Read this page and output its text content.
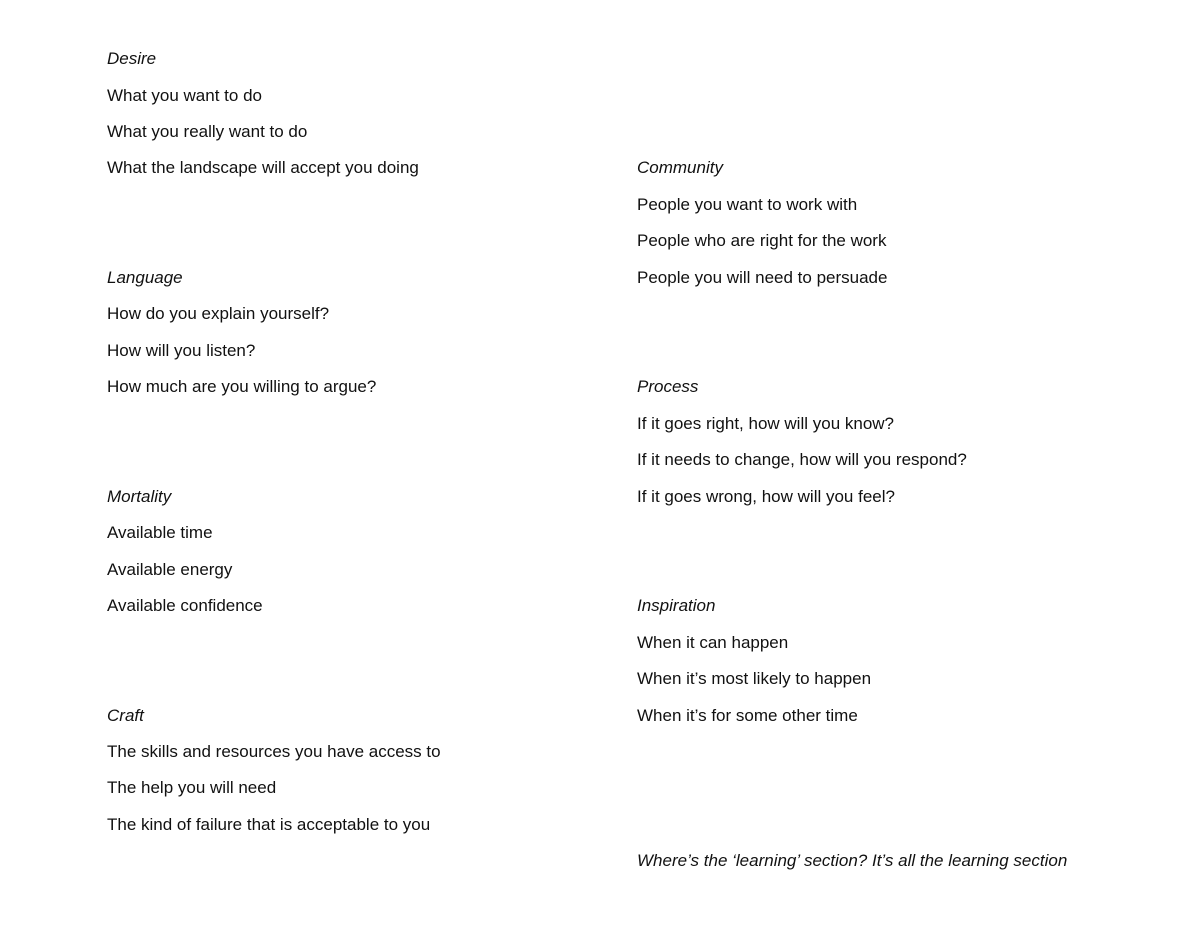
Desire
What you want to do
What you really want to do
What the landscape will accept you doing
Language
How do you explain yourself?
How will you listen?
How much are you willing to argue?
Mortality
Available time
Available energy
Available confidence
Craft
The skills and resources you have access to
The help you will need
The kind of failure that is acceptable to you
Community
People you want to work with
People who are right for the work
People you will need to persuade
Process
If it goes right, how will you know?
If it needs to change, how will you respond?
If it goes wrong, how will you feel?
Inspiration
When it can happen
When it’s most likely to happen
When it’s for some other time
Where’s the ‘learning’ section? It’s all the learning section
